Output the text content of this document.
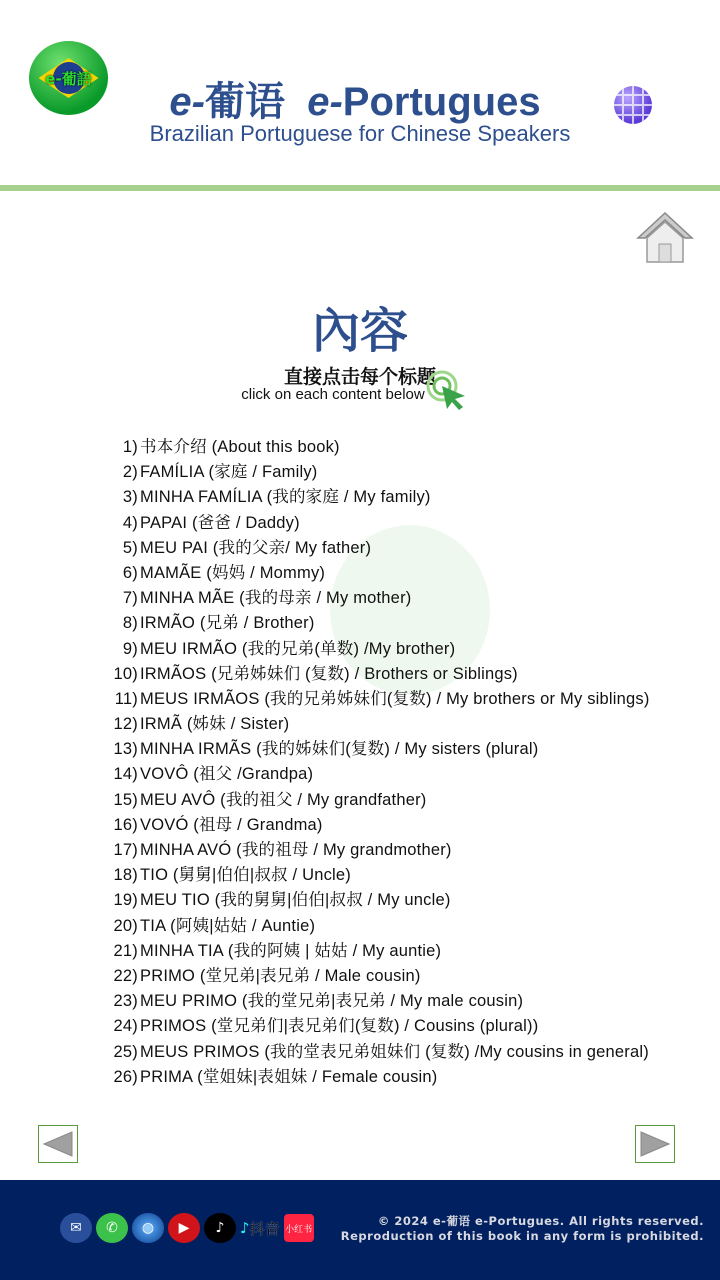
e-葡語
e-葡语 e-Portugues
Brazilian Portuguese for Chinese Speakers
內容
直接点击每个标题
click on each content below
1) 书本介绍 (About this book)
2) FAMÍLIA (家庭 / Family)
3) MINHA FAMÍLIA (我的家庭 / My family)
4) PAPAI (爸爸 / Daddy)
5) MEU PAI (我的父亲/ My father)
6) MAMÃE (妈妈 / Mommy)
7) MINHA MÃE (我的母亲 / My mother)
8) IRMÃO (兄弟 / Brother)
9) MEU IRMÃO (我的兄弟(单数) /My brother)
10) IRMÃOS (兄弟姊妹们 (复数) / Brothers or Siblings)
11) MEUS IRMÃOS (我的兄弟姊妹们(复数) / My brothers or My siblings)
12) IRMÃ (姊妹 / Sister)
13) MINHA IRMÃS (我的姊妹们(复数) / My sisters (plural)
14) VOVÔ (祖父 /Grandpa)
15) MEU AVÔ (我的祖父 / My grandfather)
16) VOVÓ (祖母 / Grandma)
17) MINHA AVÓ (我的祖母 / My grandmother)
18) TIO (舅舅|伯伯|叔叔 / Uncle)
19) MEU TIO (我的舅舅|伯伯|叔叔 / My uncle)
20) TIA (阿姨|姑姑 / Auntie)
21) MINHA TIA (我的阿姨 | 姑姑 / My auntie)
22) PRIMO (堂兄弟|表兄弟 / Male cousin)
23) MEU PRIMO (我的堂兄弟|表兄弟 / My male cousin)
24) PRIMOS (堂兄弟们|表兄弟们(复数) / Cousins (plural))
25) MEUS PRIMOS (我的堂表兄弟姐妹们 (复数) /My cousins in general)
26) PRIMA (堂姐妹|表姐妹 / Female cousin)
✉	✆	◍	▶	♪	♪ 抖音 小红书
© 2024 e-葡语 e-Portugues. All rights reserved.
Reproduction of this book in any form is prohibited.
